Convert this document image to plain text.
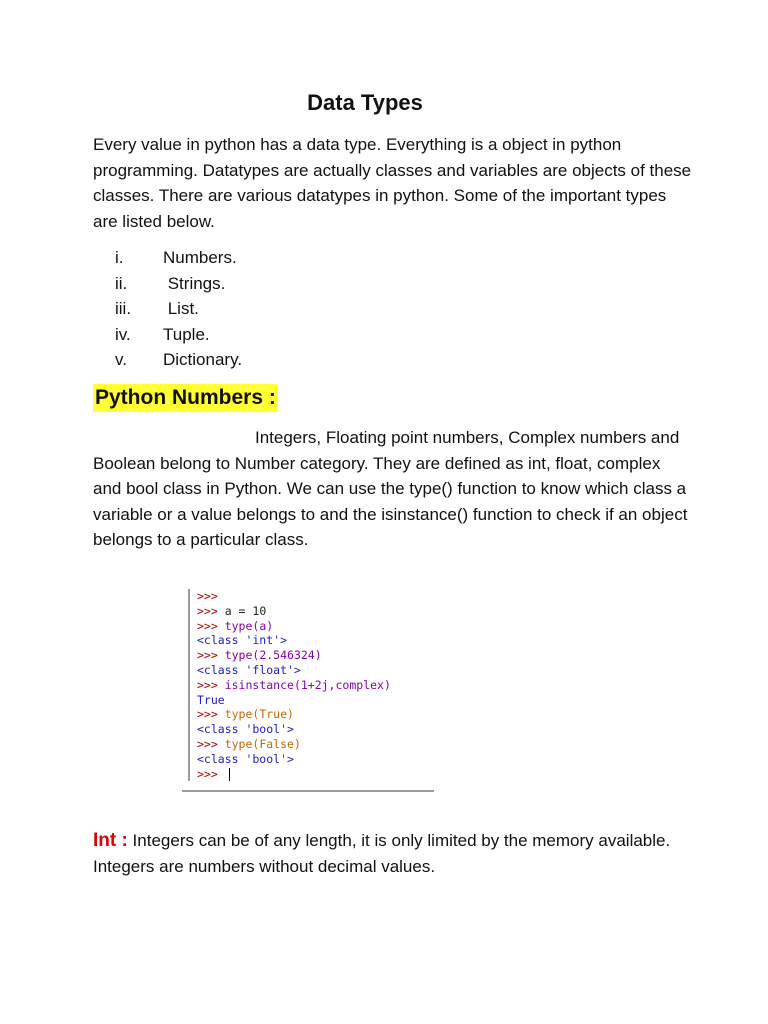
Data Types

Every value in python has a data type. Everything is a object in python programming. Datatypes are actually classes and variables are objects of these classes. There are various datatypes in python. Some of the important types are listed below.

i. Numbers.
ii. Strings.
iii. List.
iv. Tuple.
v. Dictionary.
Python Numbers :

Integers, Floating point numbers, Complex numbers and Boolean belong to Number category. They are defined as int, float, complex and bool class in Python. We can use the type() function to know which class a variable or a value belongs to and the isinstance() function to check if an object belongs to a particular class.

>>>
>>> a = 10
>>> type(a)
<class 'int'>
>>> type(2.546324)
<class 'float'>
>>> isinstance(1+2j,complex)
True
>>> type(True)
<class 'bool'>
>>> type(False)
<class 'bool'>
>>>

Int : Integers can be of any length, it is only limited by the memory available. Integers are numbers without decimal values.
